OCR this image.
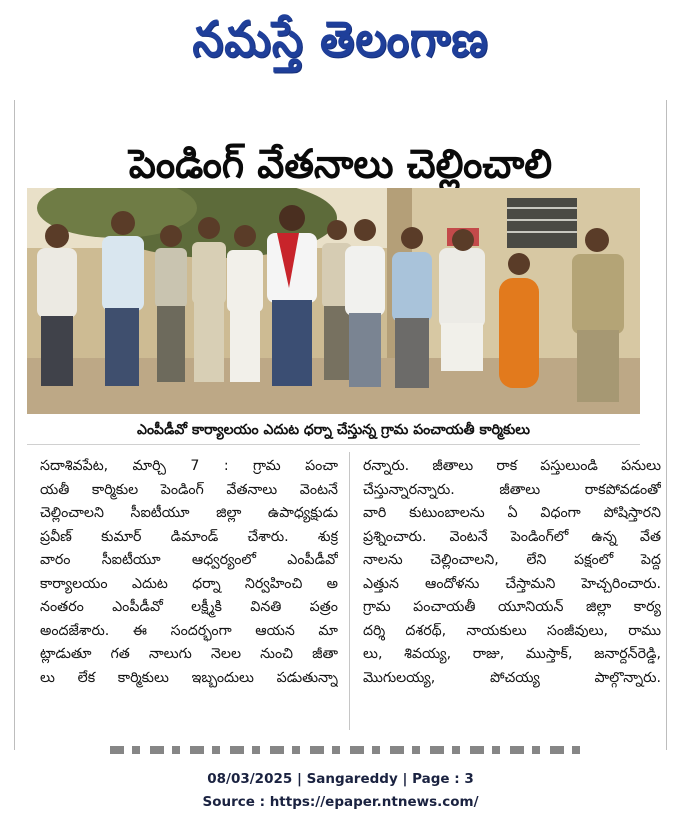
నమస్తే తెలంగాణ
పెండింగ్ వేతనాలు చెల్లించాలి
ఎంపీడీవో కార్యాలయం ఎదుట ధర్నా చేస్తున్న గ్రామ పంచాయతీ కార్మికులు
సదాశివపేట, మార్చి 7 : గ్రామ పంచా
యతీ కార్మికుల పెండింగ్ వేతనాలు వెంటనే
చెల్లించాలని సీఐటీయూ జిల్లా ఉపాధ్యక్షుడు
ప్రవీణ్ కుమార్ డిమాండ్ చేశారు. శుక్ర
వారం సీఐటీయూ ఆధ్వర్యంలో ఎంపీడీవో
కార్యాలయం ఎదుట ధర్నా నిర్వహించి అ
నంతరం ఎంపీడీవో లక్ష్మీకి వినతి పత్రం
అందజేశారు. ఈ సందర్భంగా ఆయన మా
ట్లాడుతూ గత నాలుగు నెలల నుంచి జీతా
లు లేక కార్మికులు ఇబ్బందులు పడుతున్నా
రన్నారు. జీతాలు రాక పస్తులుండి పనులు
చేస్తున్నారన్నారు. జీతాలు రాకపోవడంతో
వారి కుటుంబాలను ఏ విధంగా పోషిస్తారని
ప్రశ్నించారు. వెంటనే పెండింగ్‌లో ఉన్న వేత
నాలను చెల్లించాలని, లేని పక్షంలో పెద్ద
ఎత్తున ఆందోళను చేస్తామని హెచ్చరించారు.
గ్రామ పంచాయతీ యూనియన్ జిల్లా కార్య
దర్శి దశరథ్, నాయకులు సంజీవులు, రాము
లు, శివయ్య, రాజు, ముస్తాక్, జనార్దన్‌రెడ్డి,
మొగులయ్య, పోచయ్య పాల్గొన్నారు.
08/03/2025 | Sangareddy | Page : 3
Source : https://epaper.ntnews.com/
